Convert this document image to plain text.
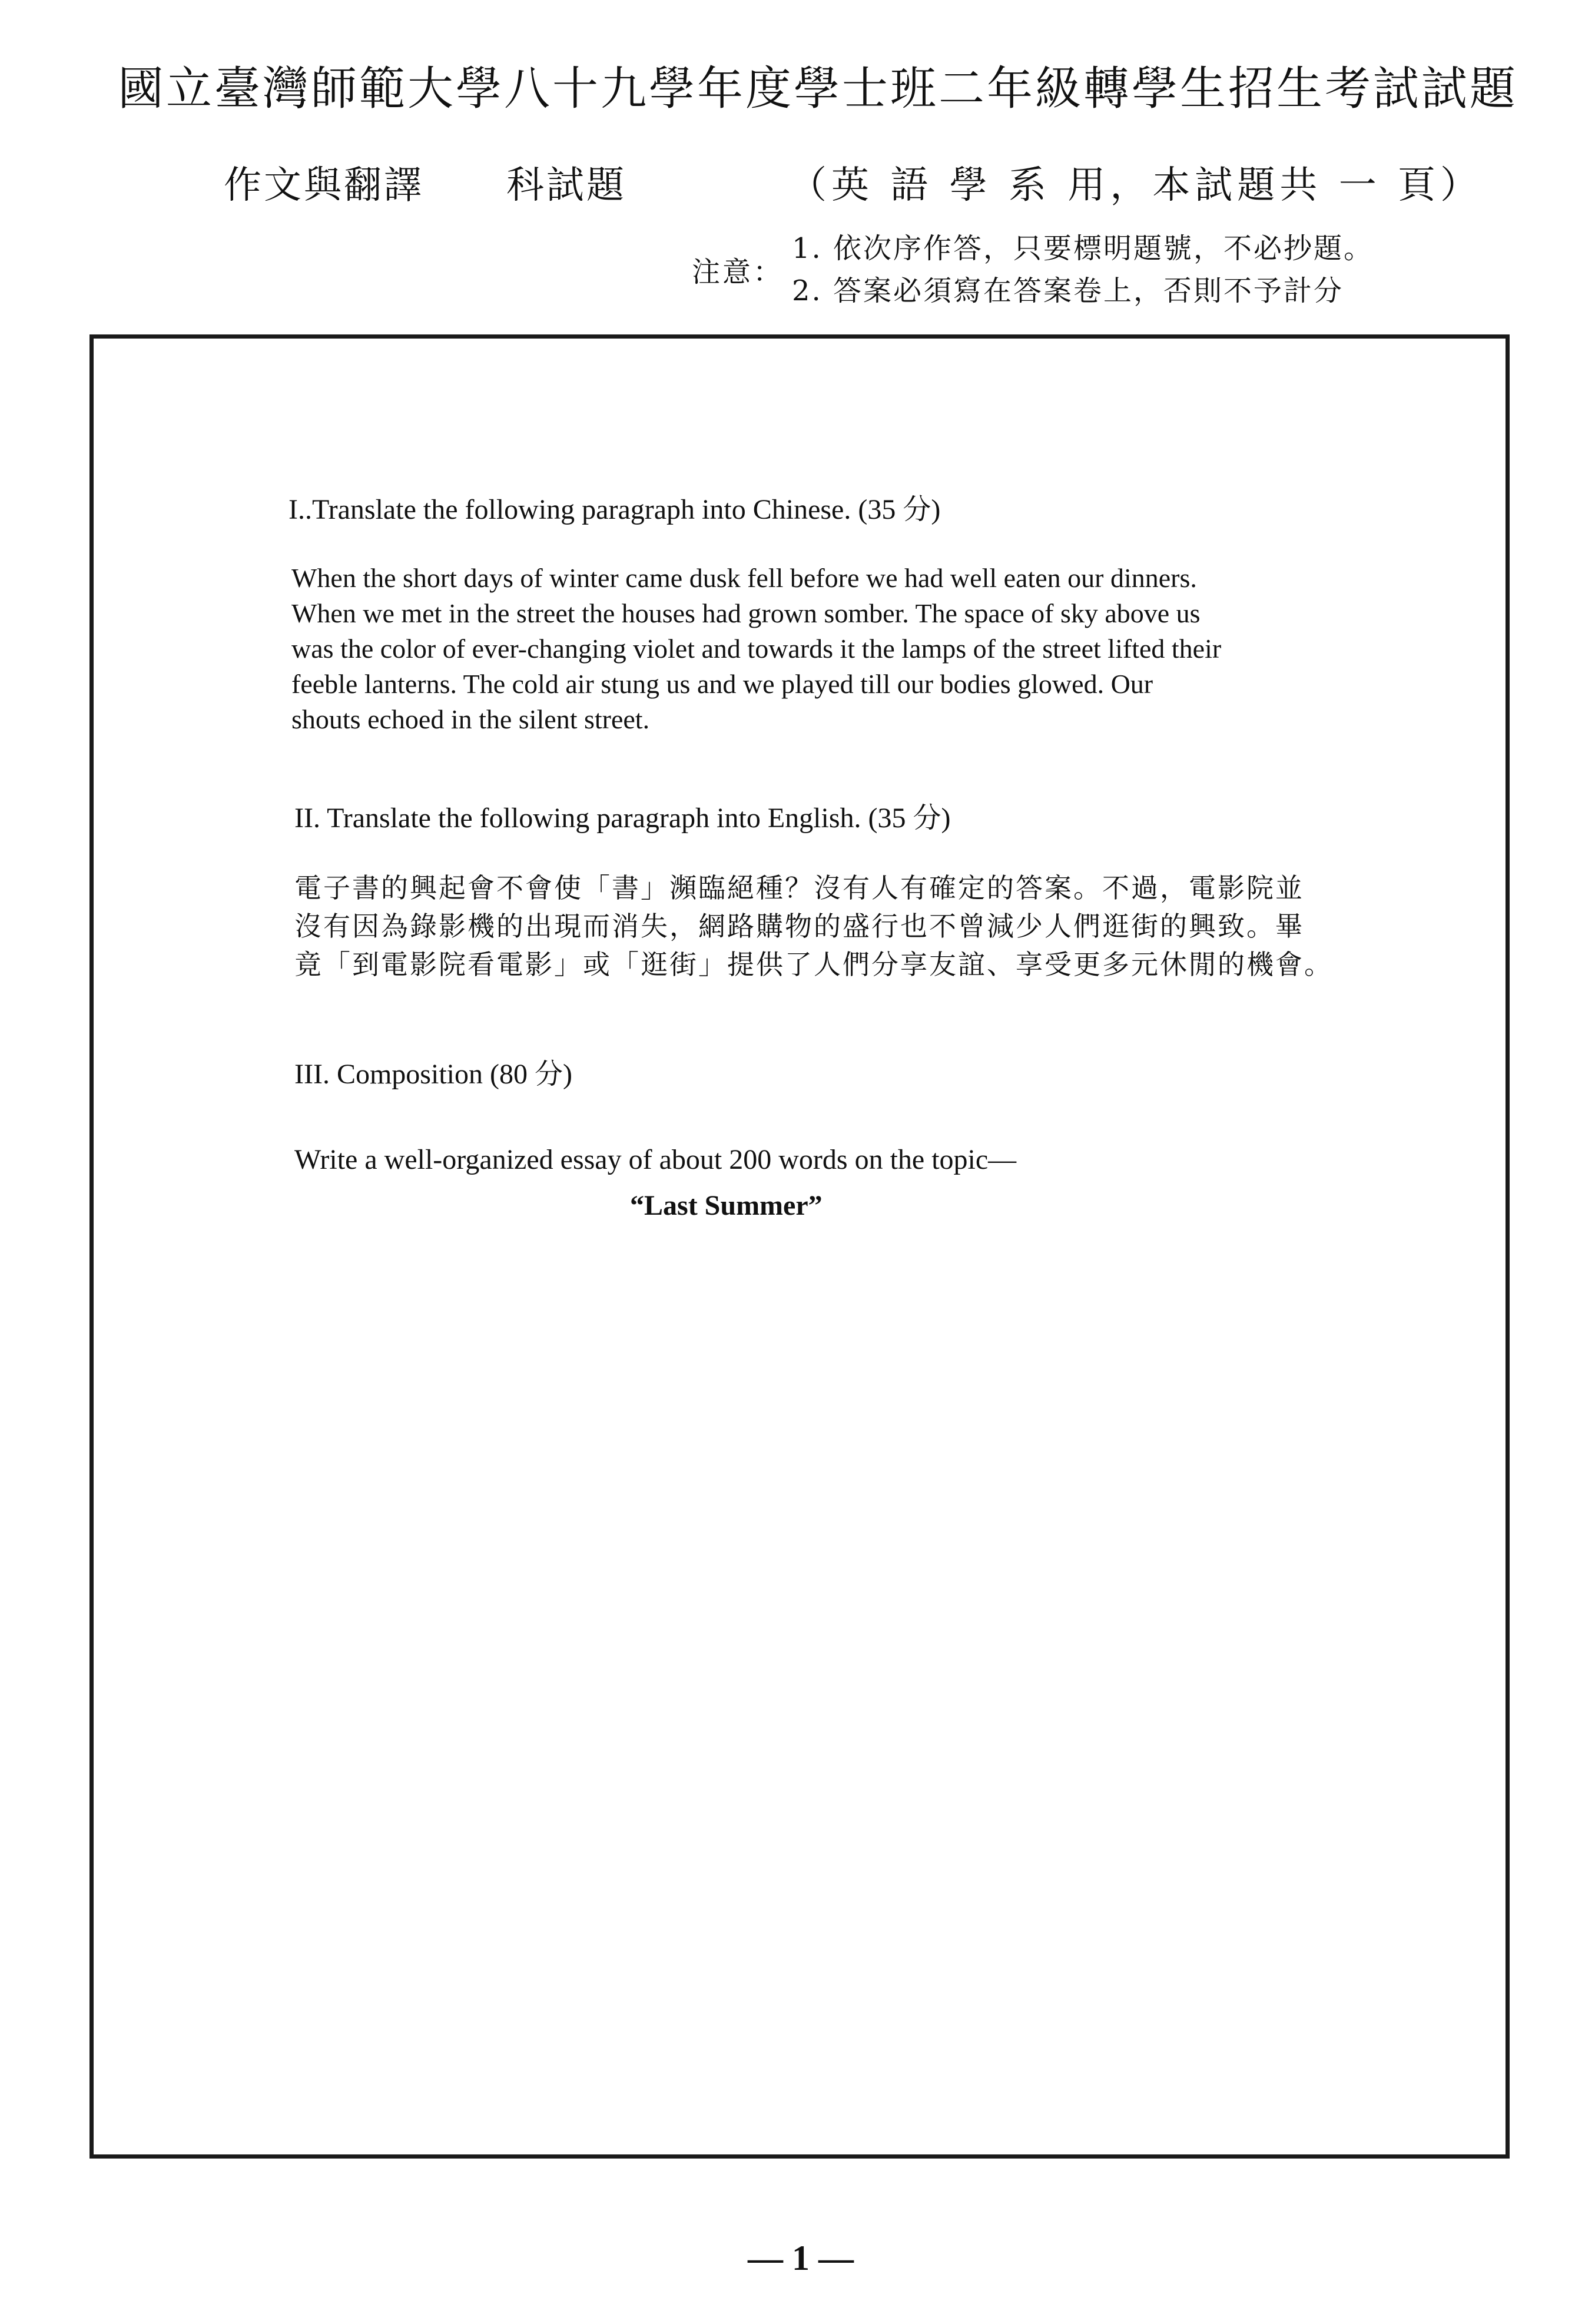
國立臺灣師範大學八十九學年度學士班二年級轉學生招生考試試題
作文與翻譯 科試題	（英 語 學 系 用，本試題共 一 頁）
注意：
1. 依次序作答，只要標明題號，不必抄題。
2. 答案必須寫在答案卷上，否則不予計分
I..Translate the following paragraph into Chinese. (35 分)
When the short days of winter came dusk fell before we had well eaten our dinners.
When we met in the street the houses had grown somber. The space of sky above us
was the color of ever-changing violet and towards it the lamps of the street lifted their
feeble lanterns. The cold air stung us and we played till our bodies glowed. Our
shouts echoed in the silent street.
II. Translate the following paragraph into English. (35 分)
電子書的興起會不會使「書」瀕臨絕種？沒有人有確定的答案。不過，電影院並
沒有因為錄影機的出現而消失，網路購物的盛行也不曾減少人們逛街的興致。畢
竟「到電影院看電影」或「逛街」提供了人們分享友誼、享受更多元休閒的機會。
III. Composition (80 分)
Write a well-organized essay of about 200 words on the topic—
“Last Summer”
— 1 —
